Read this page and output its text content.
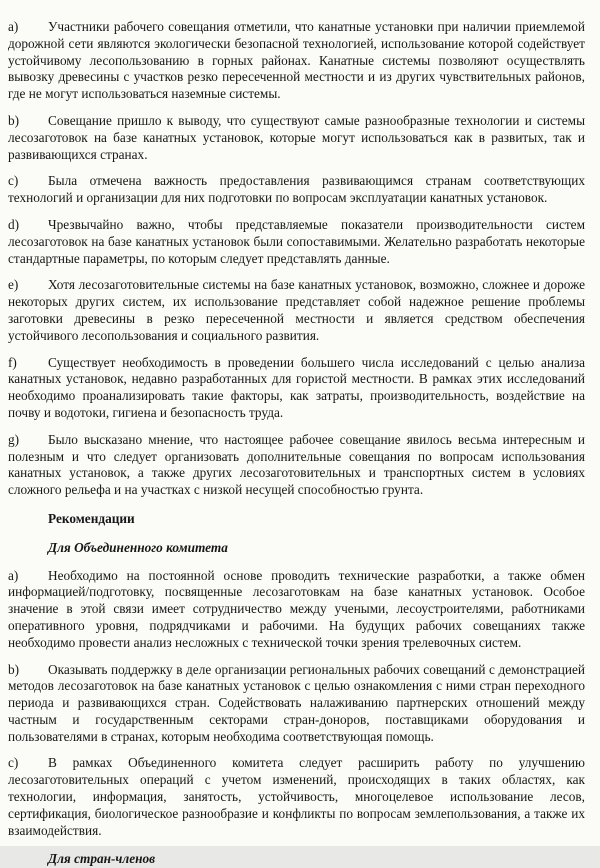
a) Участники рабочего совещания отметили, что канатные установки при наличии приемлемой дорожной сети являются экологически безопасной технологией, использование которой содействует устойчивому лесопользованию в горных районах. Канатные системы позволяют осуществлять вывозку древесины с участков резко пересеченной местности и из других чувствительных районов, где не могут использоваться наземные системы.

b) Совещание пришло к выводу, что существуют самые разнообразные технологии и системы лесозаготовок на базе канатных установок, которые могут использоваться как в развитых, так и развивающихся странах.

c) Была отмечена важность предоставления развивающимся странам соответствующих технологий и организации для них подготовки по вопросам эксплуатации канатных установок.

d) Чрезвычайно важно, чтобы представляемые показатели производительности систем лесозаготовок на базе канатных установок были сопоставимыми. Желательно разработать некоторые стандартные параметры, по которым следует представлять данные.

e) Хотя лесозаготовительные системы на базе канатных установок, возможно, сложнее и дороже некоторых других систем, их использование представляет собой надежное решение проблемы заготовки древесины в резко пересеченной местности и является средством обеспечения устойчивого лесопользования и социального развития.

f) Существует необходимость в проведении большего числа исследований с целью анализа канатных установок, недавно разработанных для гористой местности. В рамках этих исследований необходимо проанализировать такие факторы, как затраты, производительность, воздействие на почву и водотоки, гигиена и безопасность труда.

g) Было высказано мнение, что настоящее рабочее совещание явилось весьма интересным и полезным и что следует организовать дополнительные совещания по вопросам использования канатных установок, а также других лесозаготовительных и транспортных систем в условиях сложного рельефа и на участках с низкой несущей способностью грунта.

Рекомендации
Для Объединенного комитета

a) Необходимо на постоянной основе проводить технические разработки, а также обмен информацией/подготовку, посвященные лесозаготовкам на базе канатных установок. Особое значение в этой связи имеет сотрудничество между учеными, лесоустроителями, работниками оперативного уровня, подрядчиками и рабочими. На будущих рабочих совещаниях также необходимо провести анализ несложных с технической точки зрения трелевочных систем.

b) Оказывать поддержку в деле организации региональных рабочих совещаний с демонстрацией методов лесозаготовок на базе канатных установок с целью ознакомления с ними стран переходного периода и развивающихся стран. Содействовать налаживанию партнерских отношений между частным и государственным секторами стран-доноров, поставщиками оборудования и пользователями в странах, которым необходима соответствующая помощь.

c) В рамках Объединенного комитета следует расширить работу по улучшению лесозаготовительных операций с учетом изменений, происходящих в таких областях, как технологии, информация, занятость, устойчивость, многоцелевое использование лесов, сертификация, биологическое разнообразие и конфликты по вопросам землепользования, а также их взаимодействия.

Для стран-членов
